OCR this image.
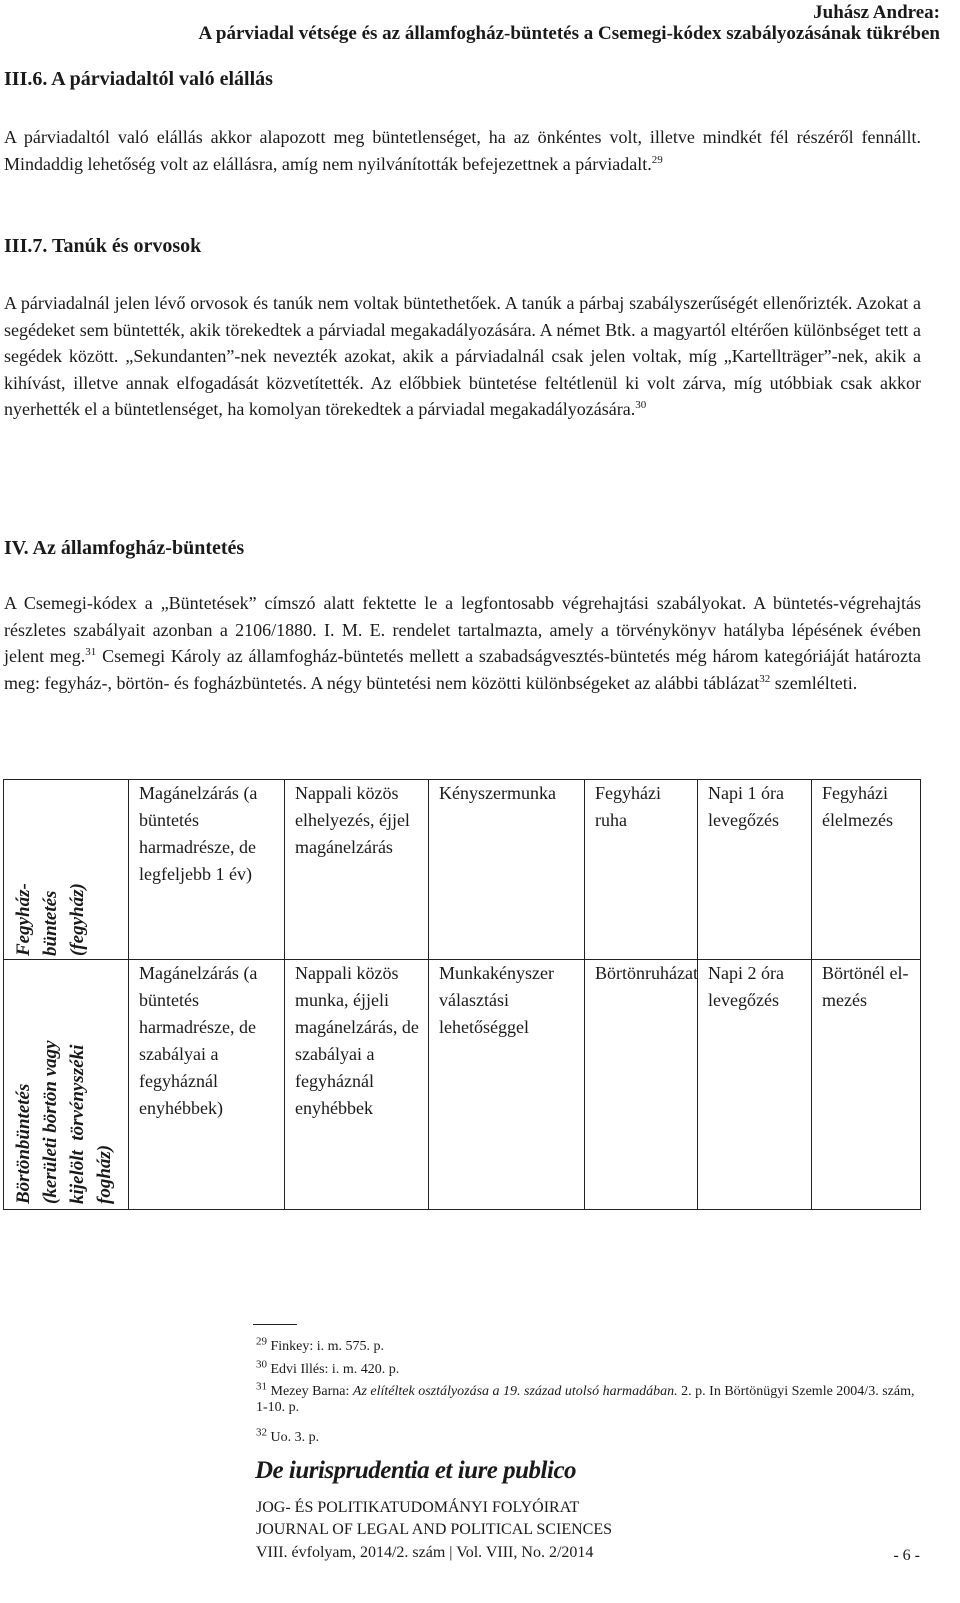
Juhász Andrea:
A párviadal vétsége és az államfogház-büntetés a Csemegi-kódex szabályozásának tükrében
III.6. A párviadaltól való elállás

A párviadaltól való elállás akkor alapozott meg büntetlenséget, ha az önkéntes volt, illetve mindkét fél részéről fennállt. Mindaddig lehetőség volt az elállásra, amíg nem nyilvánították befejezettnek a párviadalt.$^{29}$

III.7. Tanúk és orvosok

A párviadalnál jelen lévő orvosok és tanúk nem voltak büntethetőek. A tanúk a párbaj szabályszerűségét ellenőrizték. Azokat a segédeket sem büntették, akik törekedtek a párviadal megakadályozására. A német Btk. a magyartól eltérően különbséget tett a segédek között. „Sekundanten”-nek nevezték azokat, akik a párviadalnál csak jelen voltak, míg „Kartellträger”-nek, akik a kihívást, illetve annak elfogadását közvetítették. Az előbbiek büntetése feltétlenül ki volt zárva, míg utóbbiak csak akkor nyerhették el a büntetlenséget, ha komolyan törekedtek a párviadal megakadályozására.$^{30}$

IV. Az államfogház-büntetés

A Csemegi-kódex a „Büntetések” címszó alatt fektette le a legfontosabb végrehajtási szabályokat. A büntetés-végrehajtás részletes szabályait azonban a 2106/1880. I. M. E. rendelet tartalmazta, amely a törvénykönyv hatályba lépésének évében jelent meg.$^{31}$ Csemegi Károly az államfogház-büntetés mellett a szabadságvesztés-büntetés még három kategóriáját határozta meg: fegyház-, börtön- és fogházbüntetés. A négy büntetési nem közötti különbségeket az alábbi táblázat$^{32}$ szemlélteti.

Fegyház-
büntetés
(fegyház)	Magánelzárás (a büntetés harmadrésze, de legfeljebb 1 év)	Nappali közös elhelyezés, éjjel magánelzárás	Kényszermunka	Fegyházi ruha	Napi 1 óra levegőzés	Fegyházi élelmezés

Börtönbüntetés
(kerületi börtön vagy
kijelölt  törvényszéki
fogház)	Magánelzárás (a büntetés harmadrésze, de szabályai a fegyháznál enyhébbek)	Nappali közös munka, éjjeli magánelzárás, de szabályai a fegyháznál enyhébbek	Munkakényszer választási lehetőséggel	Börtönruházat	Napi 2 óra levegőzés	Börtönél el-mezés
$^{29}$ Finkey: i. m. 575. p.
$^{30}$ Edvi Illés: i. m. 420. p.
$^{31}$ Mezey Barna: Az elítéltek osztályozása a 19. század utolsó harmadában. 2. p. In Börtönügyi Szemle 2004/3. szám, 1-10. p.
$^{32}$ Uo. 3. p.
De iurisprudentia et iure publico
JOG- ÉS POLITIKATUDOMÁNYI FOLYÓIRAT
JOURNAL OF LEGAL AND POLITICAL SCIENCES
VIII. évfolyam, 2014/2. szám | Vol. VIII, No. 2/2014	- 6 -
